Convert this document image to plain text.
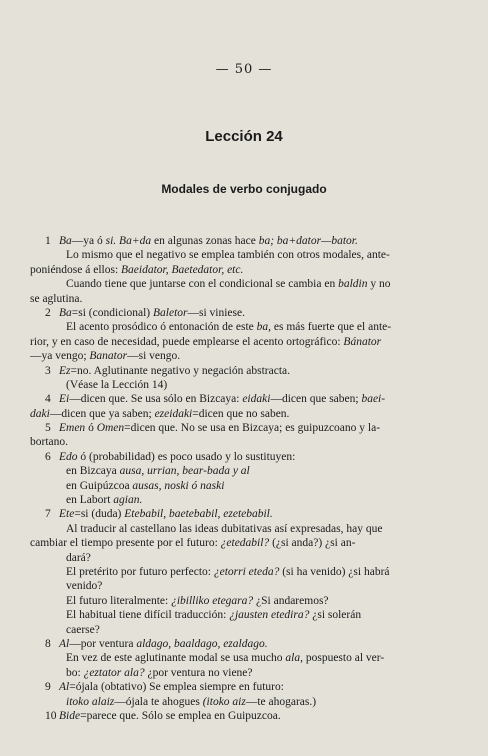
— 50 —
Lección 24
Modales de verbo conjugado
1 Ba—ya ó si. Ba+da en algunas zonas hace ba; ba+dator—bator.
Lo mismo que el negativo se emplea también con otros modales, ante-
poniéndose á ellos: Baeidator, Baetedator, etc.
Cuando tiene que juntarse con el condicional se cambia en baldin y no
se aglutina.
2 Ba=si (condicional) Baletor—si viniese.
El acento prosódico ó entonación de este ba, es más fuerte que el ante-
rior, y en caso de necesidad, puede emplearse el acento ortográfico: Bánator
—ya vengo; Banator—si vengo.
3 Ez=no. Aglutinante negativo y negación abstracta.
(Véase la Lección 14)
4 Ei—dicen que. Se usa sólo en Bizcaya: eidaki—dicen que saben; baei-
daki—dicen que ya saben; ezeidaki=dicen que no saben.
5 Emen ó Omen=dicen que. No se usa en Bizcaya; es guipuzcoano y la-
bortano.
6 Edo ó (probabilidad) es poco usado y lo sustituyen:
en Bizcaya ausa, urrian, bear-bada y al
en Guipúzcoa ausas, noski ó naski
en Labort agian.
7 Ete=si (duda) Etebabil, baetebabil, ezetebabil.
Al traducir al castellano las ideas dubitativas así expresadas, hay que
cambiar el tiempo presente por el futuro: ¿etedabil? (¿si anda?) ¿si an-
dará?
El pretérito por futuro perfecto: ¿etorri eteda? (si ha venido) ¿si habrá
venido?
El futuro literalmente: ¿ibilliko etegara? ¿Si andaremos?
El habitual tiene difícil traducción: ¿jausten etedira? ¿si solerán
caerse?
8 Al—por ventura aldago, baaldago, ezaldago.
En vez de este aglutinante modal se usa mucho ala, pospuesto al ver-
bo: ¿eztator ala? ¿por ventura no viene?
9 Al=ójala (obtativo) Se emplea siempre en futuro:
itoko alaiz—ójala te ahogues (itoko aiz—te ahogaras.)
10 Bide=parece que. Sólo se emplea en Guipuzcoa.
